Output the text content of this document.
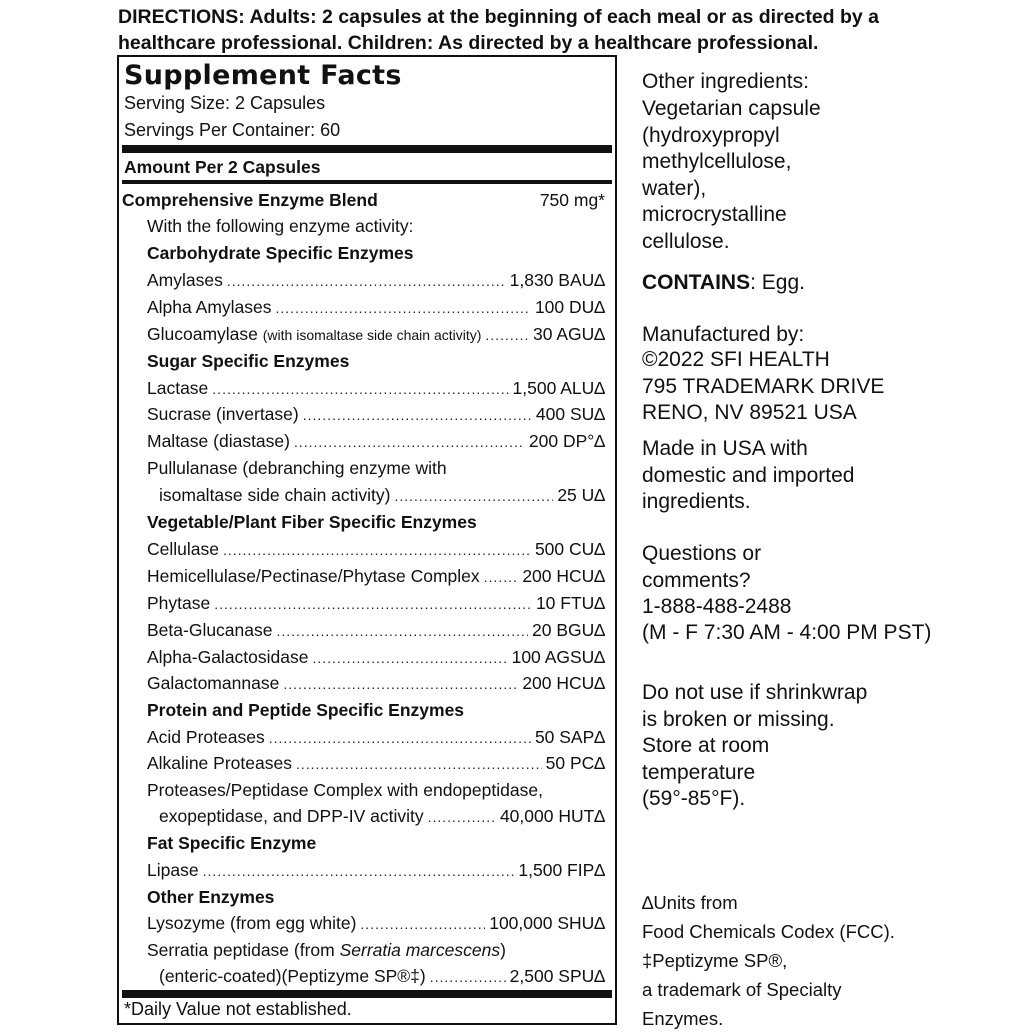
DIRECTIONS: Adults: 2 capsules at the beginning of each meal or as directed by a healthcare professional. Children: As directed by a healthcare professional.
Supplement Facts
Serving Size: 2 Capsules
Servings Per Container: 60
Amount Per 2 Capsules
Comprehensive Enzyme Blend	750 mg*
With the following enzyme activity:
Carbohydrate Specific Enzymes
Amylases .....	1,830 BAU∆
Alpha Amylases .....	100 DU∆
Glucoamylase (with isomaltase side chain activity) .....	30 AGU∆
Sugar Specific Enzymes
Lactase .....	1,500 ALU∆
Sucrase (invertase) .....	400 SU∆
Maltase (diastase) .....	200 DP°∆
Pullulanase (debranching enzyme with
isomaltase side chain activity) .....	25 U∆
Vegetable/Plant Fiber Specific Enzymes
Cellulase .....	500 CU∆
Hemicellulase/Pectinase/Phytase Complex ..... 200 HCU∆
Phytase .....	10 FTU∆
Beta-Glucanase .....	20 BGU∆
Alpha-Galactosidase .....	100 AGSU∆
Galactomannase .....	200 HCU∆
Protein and Peptide Specific Enzymes
Acid Proteases .....	50 SAP∆
Alkaline Proteases .....	50 PC∆
Proteases/Peptidase Complex with endopeptidase,
exopeptidase, and DPP-IV activity .....	40,000 HUT∆
Fat Specific Enzyme
Lipase .....	1,500 FIP∆
Other Enzymes
Lysozyme (from egg white) .....	100,000 SHU∆
Serratia peptidase (from Serratia marcescens)
(enteric-coated)(Peptizyme SP®‡) .....	2,500 SPU∆
*Daily Value not established.
Other ingredients:
Vegetarian capsule
(hydroxypropyl
methylcellulose,
water),
microcrystalline
cellulose.
CONTAINS: Egg.
Manufactured by:
©2022 SFI HEALTH
795 TRADEMARK DRIVE
RENO, NV 89521 USA
Made in USA with
domestic and imported
ingredients.
Questions or
comments?
1-888-488-2488
(M - F 7:30 AM - 4:00 PM PST)
Do not use if shrinkwrap
is broken or missing.
Store at room
temperature
(59°-85°F).
∆Units from
Food Chemicals Codex (FCC).
‡Peptizyme SP®,
a trademark of Specialty
Enzymes.
